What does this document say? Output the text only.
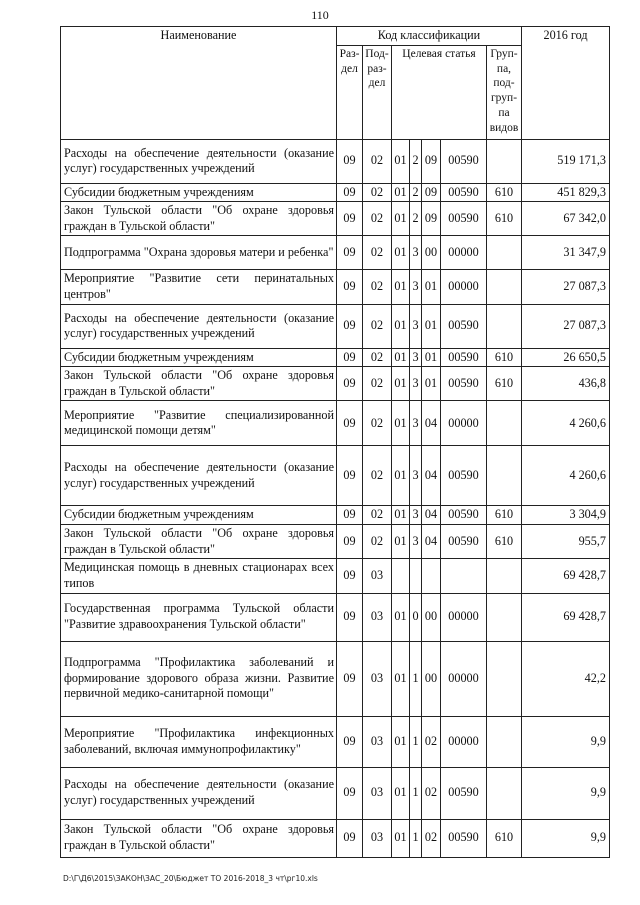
110
Наименование	Код классификации							2016 год
	Раз- дел	Под- раз- дел	Целевая статья				Груп- па, под- груп- па видов	
Расходы на обеспечение деятельности (оказание услуг) государственных учреждений	09	02	01	2	09	00590		519 171,3
Субсидии бюджетным учреждениям	09	02	01	2	09	00590	610	451 829,3
Закон Тульской области "Об охране здоровья граждан в Тульской области"	09	02	01	2	09	00590	610	67 342,0
Подпрограмма "Охрана здоровья матери и ребенка"	09	02	01	3	00	00000		31 347,9
Мероприятие "Развитие сети перинатальных центров"	09	02	01	3	01	00000		27 087,3
Расходы на обеспечение деятельности (оказание услуг) государственных учреждений	09	02	01	3	01	00590		27 087,3
Субсидии бюджетным учреждениям	09	02	01	3	01	00590	610	26 650,5
Закон Тульской области "Об охране здоровья граждан в Тульской области"	09	02	01	3	01	00590	610	436,8
Мероприятие "Развитие специализированной медицинской помощи детям"	09	02	01	3	04	00000		4 260,6
Расходы на обеспечение деятельности (оказание услуг) государственных учреждений	09	02	01	3	04	00590		4 260,6
Субсидии бюджетным учреждениям	09	02	01	3	04	00590	610	3 304,9
Закон Тульской области "Об охране здоровья граждан в Тульской области"	09	02	01	3	04	00590	610	955,7
Медицинская помощь в дневных стационарах всех типов	09	03						69 428,7
Государственная программа Тульской области "Развитие здравоохранения Тульской области"	09	03	01	0	00	00000		69 428,7
Подпрограмма "Профилактика заболеваний и формирование здорового образа жизни. Развитие первичной медико-санитарной помощи"	09	03	01	1	00	00000		42,2
Мероприятие "Профилактика инфекционных заболеваний, включая иммунопрофилактику"	09	03	01	1	02	00000		9,9
Расходы на обеспечение деятельности (оказание услуг) государственных учреждений	09	03	01	1	02	00590		9,9
Закон Тульской области "Об охране здоровья граждан в Тульской области"	09	03	01	1	02	00590	610	9,9
D:\Г\Д6\2015\ЗАКОН\ЗАС_20\Бюджет ТО 2016-2018_3 чт\рг10.xls
